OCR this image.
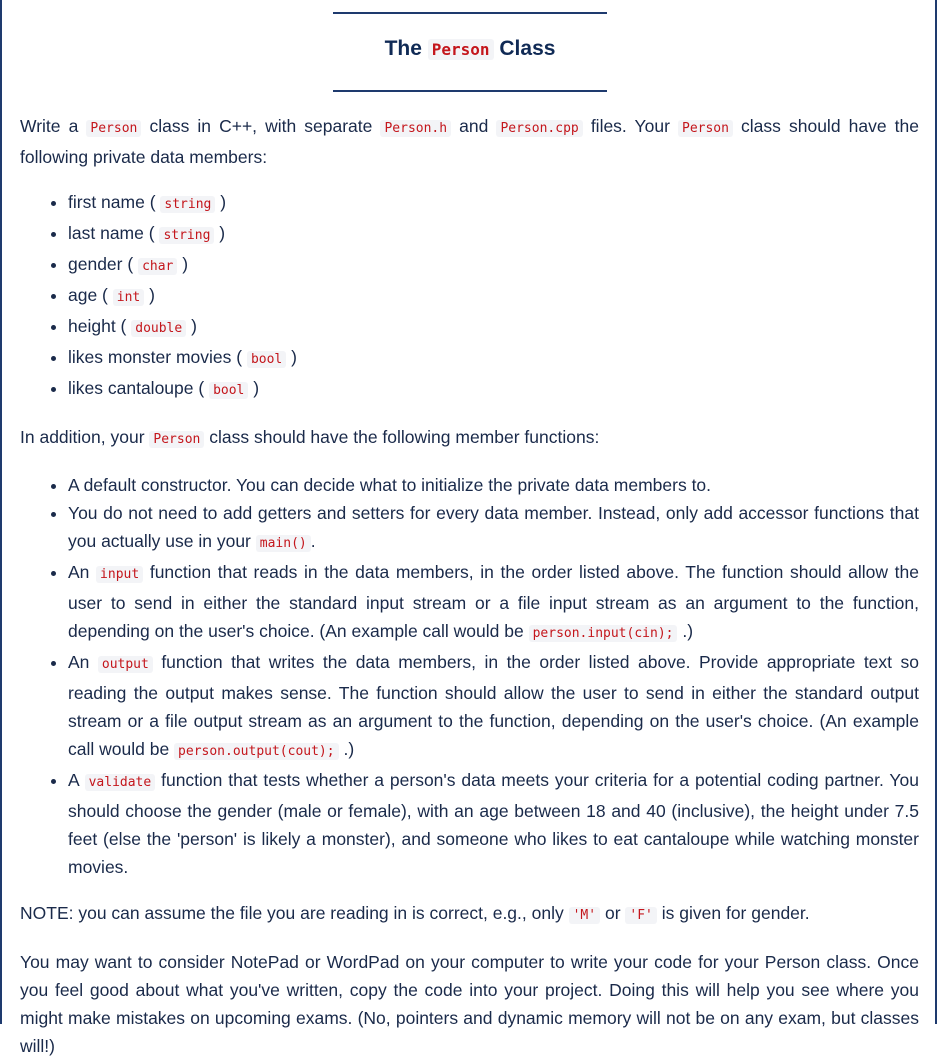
The Person Class

Write a Person class in C++, with separate Person.h and Person.cpp files. Your Person class should have the following private data members:

• first name ( string )
• last name ( string )
• gender ( char )
• age ( int )
• height ( double )
• likes monster movies ( bool )
• likes cantaloupe ( bool )

In addition, your Person class should have the following member functions:

• A default constructor. You can decide what to initialize the private data members to.
• You do not need to add getters and setters for every data member. Instead, only add accessor functions that you actually use in your main() .
• An input function that reads in the data members, in the order listed above. The function should allow the user to send in either the standard input stream or a file input stream as an argument to the function, depending on the user's choice. (An example call would be person.input(cin); .)
• An output function that writes the data members, in the order listed above. Provide appropriate text so reading the output makes sense. The function should allow the user to send in either the standard output stream or a file output stream as an argument to the function, depending on the user's choice. (An example call would be person.output(cout); .)
• A validate function that tests whether a person's data meets your criteria for a potential coding partner. You should choose the gender (male or female), with an age between 18 and 40 (inclusive), the height under 7.5 feet (else the 'person' is likely a monster), and someone who likes to eat cantaloupe while watching monster movies.

NOTE: you can assume the file you are reading in is correct, e.g., only 'M' or 'F' is given for gender.

You may want to consider NotePad or WordPad on your computer to write your code for your Person class. Once you feel good about what you've written, copy the code into your project. Doing this will help you see where you might make mistakes on upcoming exams. (No, pointers and dynamic memory will not be on any exam, but classes will!)
